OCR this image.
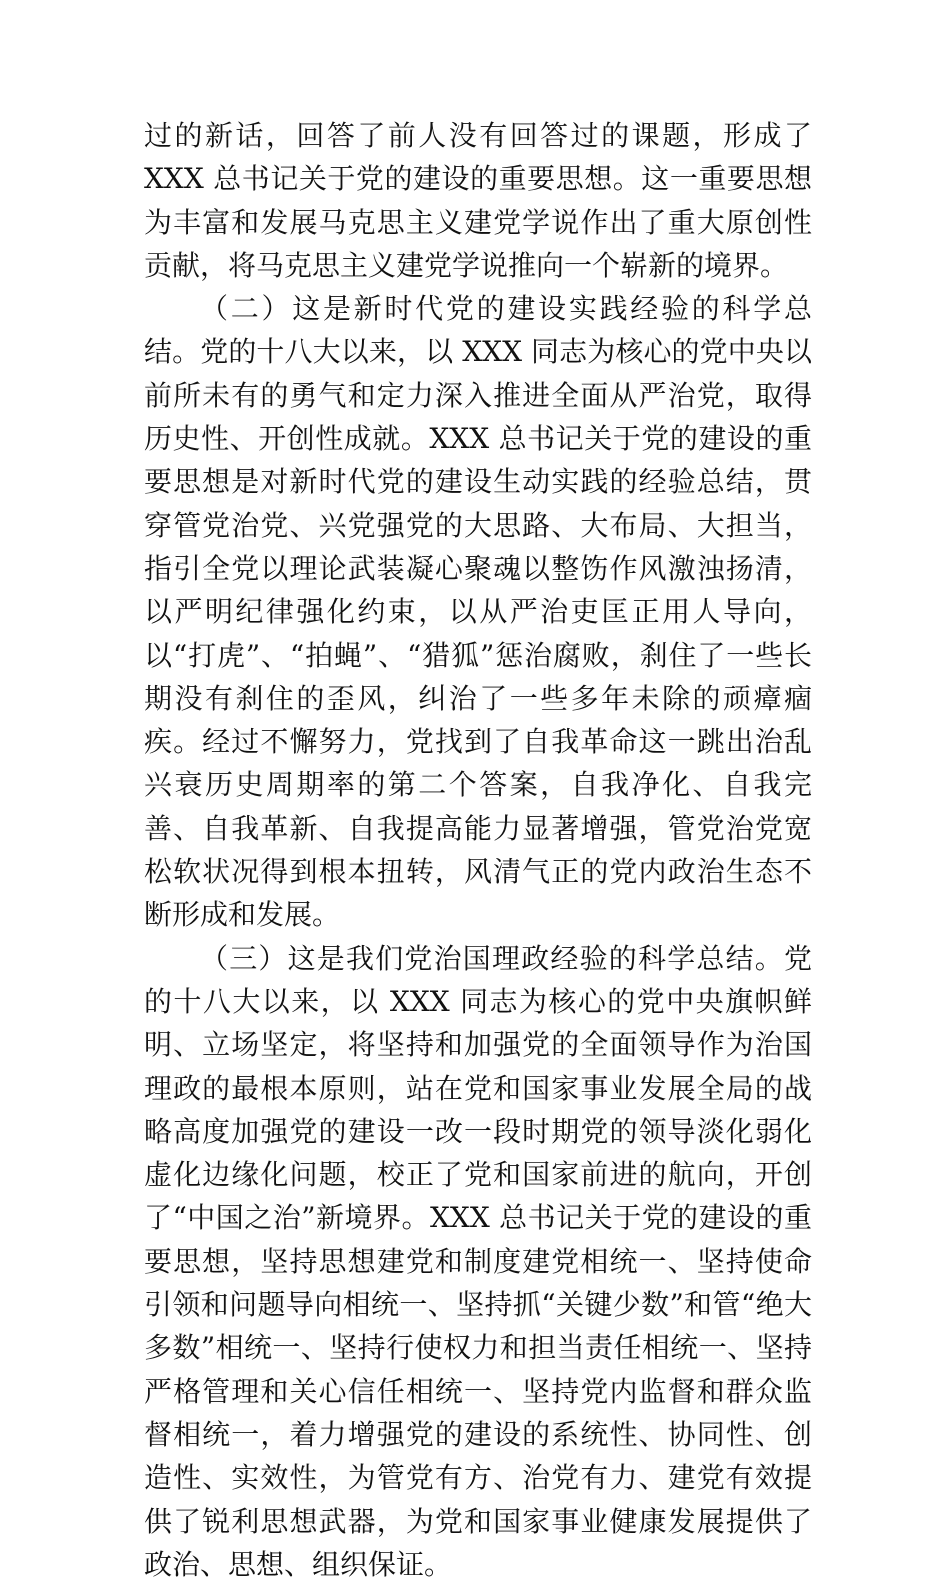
过的新话，回答了前人没有回答过的课题，形成了 XXX 总书记关于党的建设的重要思想。这一重要思想为丰富和发展马克思主义建党学说作出了重大原创性贡献，将马克思主义建党学说推向一个崭新的境界。

（二）这是新时代党的建设实践经验的科学总结。党的十八大以来，以 XXX 同志为核心的党中央以前所未有的勇气和定力深入推进全面从严治党，取得历史性、开创性成就。XXX 总书记关于党的建设的重要思想是对新时代党的建设生动实践的经验总结，贯穿管党治党、兴党强党的大思路、大布局、大担当，指引全党以理论武装凝心聚魂以整饬作风激浊扬清，以严明纪律强化约束，以从严治吏匡正用人导向，以“打虎”、“拍蝇”、“猎狐”惩治腐败，刹住了一些长期没有刹住的歪风，纠治了一些多年未除的顽瘴痼疾。经过不懈努力，党找到了自我革命这一跳出治乱兴衰历史周期率的第二个答案，自我净化、自我完善、自我革新、自我提高能力显著增强，管党治党宽松软状况得到根本扭转，风清气正的党内政治生态不断形成和发展。

（三）这是我们党治国理政经验的科学总结。党的十八大以来，以 XXX 同志为核心的党中央旗帜鲜明、立场坚定，将坚持和加强党的全面领导作为治国理政的最根本原则，站在党和国家事业发展全局的战略高度加强党的建设一改一段时期党的领导淡化弱化虚化边缘化问题，校正了党和国家前进的航向，开创了“中国之治”新境界。XXX 总书记关于党的建设的重要思想，坚持思想建党和制度建党相统一、坚持使命引领和问题导向相统一、坚持抓“关键少数”和管“绝大多数”相统一、坚持行使权力和担当责任相统一、坚持严格管理和关心信任相统一、坚持党内监督和群众监督相统一，着力增强党的建设的系统性、协同性、创造性、实效性，为管党有方、治党有力、建党有效提供了锐利思想武器，为党和国家事业健康发展提供了政治、思想、组织保证。
